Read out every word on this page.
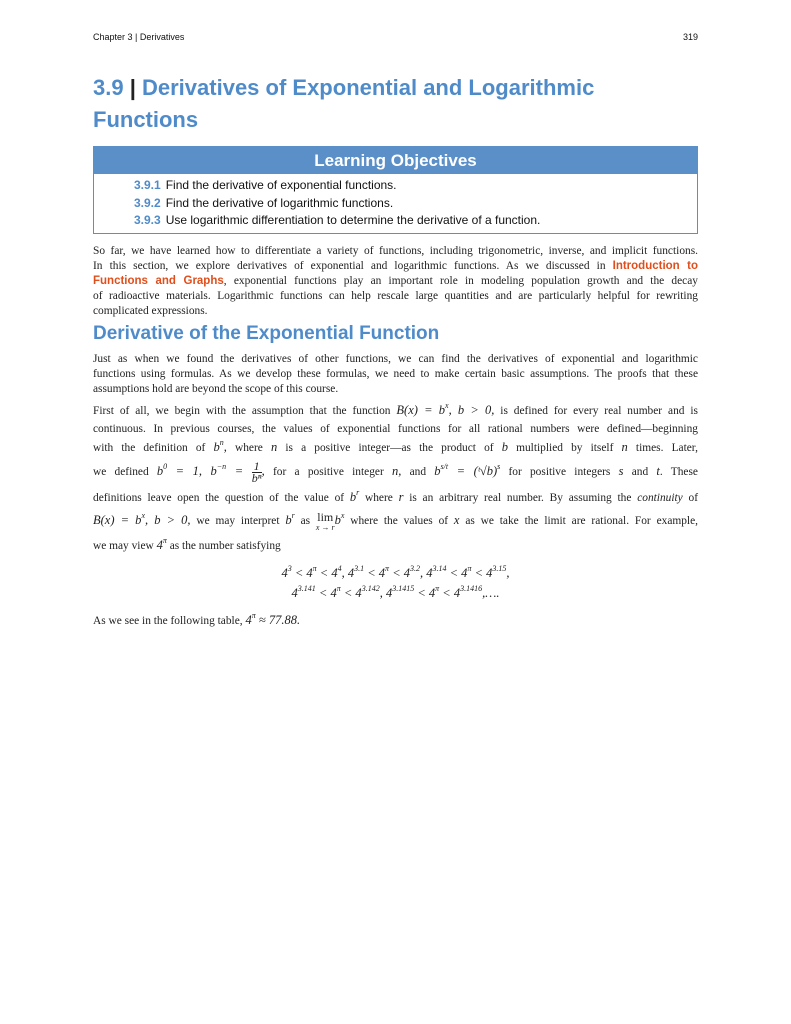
Chapter 3 | Derivatives	319
3.9 | Derivatives of Exponential and Logarithmic
Functions
Learning Objectives
3.9.1 Find the derivative of exponential functions.
3.9.2 Find the derivative of logarithmic functions.
3.9.3 Use logarithmic differentiation to determine the derivative of a function.
So far, we have learned how to differentiate a variety of functions, including trigonometric, inverse, and implicit functions.
In this section, we explore derivatives of exponential and logarithmic functions. As we discussed in Introduction to
Functions and Graphs, exponential functions play an important role in modeling population growth and the decay
of radioactive materials. Logarithmic functions can help rescale large quantities and are particularly helpful for rewriting
complicated expressions.
Derivative of the Exponential Function
Just as when we found the derivatives of other functions, we can find the derivatives of exponential and logarithmic
functions using formulas. As we develop these formulas, we need to make certain basic assumptions. The proofs that these
assumptions hold are beyond the scope of this course.
First of all, we begin with the assumption that the function $B(x) = b^x$, b > 0, is defined for every real number and is
continuous. In previous courses, the values of exponential functions for all rational numbers were defined—beginning
with the definition of $b^n$, where n is a positive integer—as the product of b multiplied by itself n times. Later,
we defined $b^0 = 1$, $b^{-n} = \frac{1}{\text{bⁿ}}$ , for a positive integer n, and $b^{s/t}$ = (ᵗ√b)$^s$ for positive integers s and t. These
definitions leave open the question of the value of $b^r$ where r is an arbitrary real number. By assuming the continuity of
$B(x) = b^x$, b > 0, we may interpret $b^r$ as lim
x → r
$b^x$ where the values of x as we take the limit are rational. For example,
we may view $4^\pi$ as the number satisfying
$4^3 < 4^\pi < 4^4$, $4^{3.1} < 4^\pi < 4^{3.2}$, $4^{3.14} < 4^\pi < 4^{3.15}$,
$4^{3.141} < 4^\pi < 4^{3.142}$, $4^{3.1415} < 4^\pi$ < $4^{3.1416},\dots$.
As we see in the following table, $4^\pi \approx 77.88$.
